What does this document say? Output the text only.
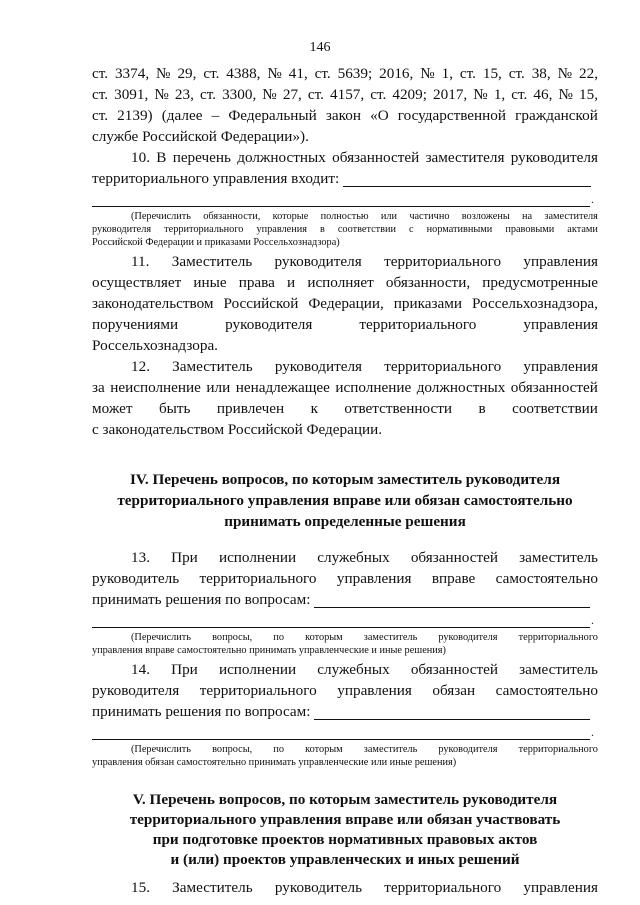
146
ст. 3374, № 29, ст. 4388, № 41, ст. 5639; 2016, № 1, ст. 15, ст. 38, № 22,
ст. 3091, № 23, ст. 3300, № 27, ст. 4157, ст. 4209; 2017, № 1, ст. 46, № 15,
ст. 2139) (далее – Федеральный закон «О государственной гражданской
службе Российской Федерации»).
10. В перечень должностных обязанностей заместителя руководителя
территориального управления входит:
.
(Перечислить обязанности, которые полностью или частично возложены на заместителя
руководителя территориального управления в соответствии с нормативными правовыми актами
Российской Федерации и приказами Россельхознадзора)
11. Заместитель руководителя территориального управления
осуществляет иные права и исполняет обязанности, предусмотренные
законодательством Российской Федерации, приказами Россельхознадзора,
поручениями	руководителя	территориального	управления
Россельхознадзора.
12. Заместитель руководителя территориального управления
за неисполнение или ненадлежащее исполнение должностных обязанностей
может быть привлечен к ответственности в соответствии
с законодательством Российской Федерации.
IV. Перечень вопросов, по которым заместитель руководителя
территориального управления вправе или обязан самостоятельно
принимать определенные решения
13. При исполнении служебных обязанностей заместитель
руководитель территориального управления вправе самостоятельно
принимать решения по вопросам:
.
(Перечислить вопросы, по которым заместитель руководителя территориального
управления вправе самостоятельно принимать управленческие и иные решения)
14. При исполнении служебных обязанностей заместитель
руководителя территориального управления обязан самостоятельно
принимать решения по вопросам:
.
(Перечислить вопросы, по которым заместитель руководителя территориального
управления обязан самостоятельно принимать управленческие или иные решения)
V. Перечень вопросов, по которым заместитель руководителя
территориального управления вправе или обязан участвовать
при подготовке проектов нормативных правовых актов
и (или) проектов управленческих и иных решений
15. Заместитель руководитель территориального управления
